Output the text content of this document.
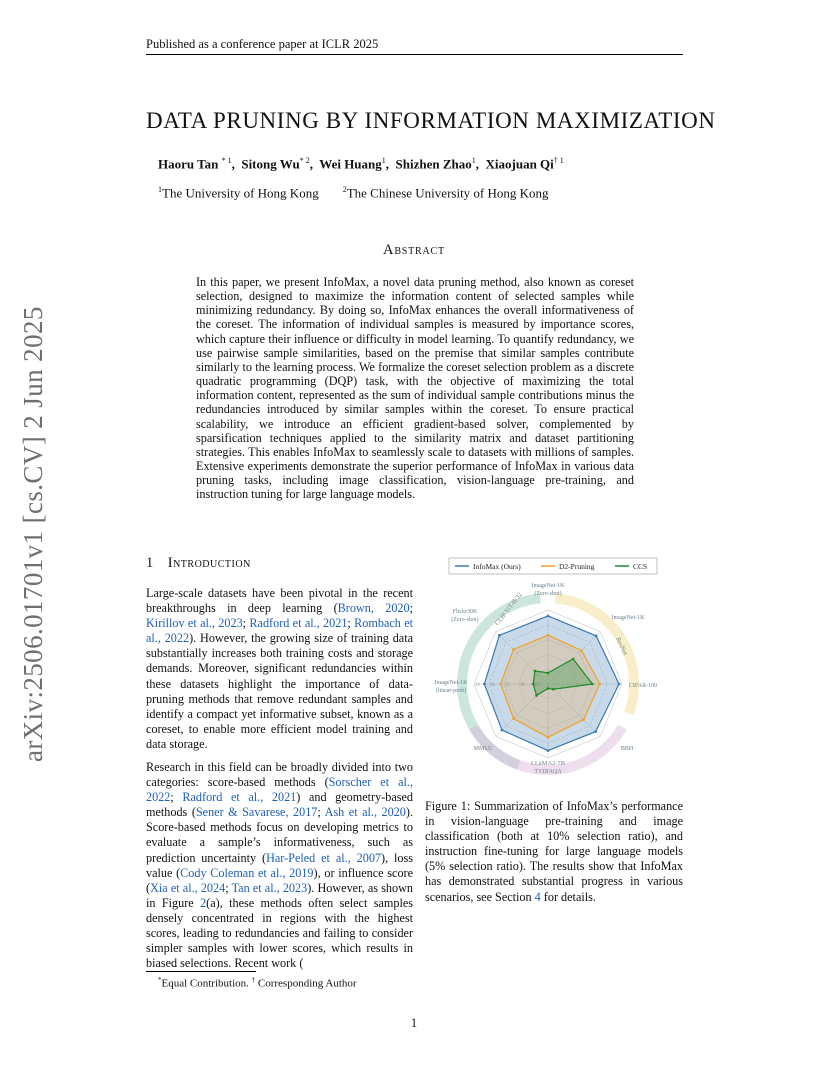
Published as a conference paper at ICLR 2025
arXiv:2506.01701v1 [cs.CV] 2 Jun 2025
DATA PRUNING BY INFORMATION MAXIMIZATION
Haoru Tan $^{* 1}$,  Sitong Wu$^{* 2}$,  Wei Huang$^1$,  Shizhen Zhao$^1$,  Xiaojuan Qi$^{\dagger 1}$
$^1$The University of Hong Kong	$^2$The Chinese University of Hong Kong
Abstract
In this paper, we present InfoMax, a novel data pruning method, also known as coreset selection, designed to maximize the information content of selected samples while minimizing redundancy. By doing so, InfoMax enhances the overall informativeness of the coreset. The information of individual samples is measured by importance scores, which capture their influence or difficulty in model learning. To quantify redundancy, we use pairwise sample similarities, based on the premise that similar samples contribute similarly to the learning process. We formalize the coreset selection problem as a discrete quadratic programming (DQP) task, with the objective of maximizing the total information content, represented as the sum of individual sample contributions minus the redundancies introduced by similar samples within the coreset. To ensure practical scalability, we introduce an efficient gradient-based solver, complemented by sparsification techniques applied to the similarity matrix and dataset partitioning strategies. This enables InfoMax to seamlessly scale to datasets with millions of samples. Extensive experiments demonstrate the superior performance of InfoMax in various data pruning tasks, including image classification, vision-language pre-training, and instruction tuning for large language models.
1 Introduction
Large-scale datasets have been pivotal in the recent breakthroughs in deep learning (Brown, 2020; Kirillov et al., 2023; Radford et al., 2021; Rombach et al., 2022). However, the growing size of training data substantially increases both training costs and storage demands. Moreover, significant redundancies within these datasets highlight the importance of data-pruning methods that remove redundant samples and identify a compact yet informative subset, known as a coreset, to enable more efficient model training and data storage.
Research in this field can be broadly divided into two categories: score-based methods (Sorscher et al., 2022; Radford et al., 2021) and geometry-based methods (Sener & Savarese, 2017; Ash et al., 2020). Score-based methods focus on developing metrics to evaluate a sample’s informativeness, such as prediction uncertainty (Har-Peled et al., 2007), loss value (Cody Coleman et al., 2019), or influence score (Xia et al., 2024; Tan et al., 2023). However, as shown in Figure 2(a), these methods often select samples densely concentrated in regions with the highest scores, leading to redundancies and failing to consider simpler samples with lower scores, which results in biased selections. Recent work (
InfoMax (Ours)	D2-Pruning	CCS
39
ImageNet-1K
(Zero-shot)
ImageNet-1K
CIFAR-100
BBH
TYDIAQA
MMLU
ImageNet-1K
(linear-prob)
Flickr30K
(Zero-shot) CLIP ViT-B/32
ResNet
LLaMA2-7B
Figure 1: Summarization of InfoMax’s performance in vision-language pre-training and image classification (both at 10% selection ratio), and instruction fine-tuning for large language models (5% selection ratio). The results show that InfoMax has demonstrated substantial progress in various scenarios, see Section 4 for details.
*Equal Contribution. † Corresponding Author
1
